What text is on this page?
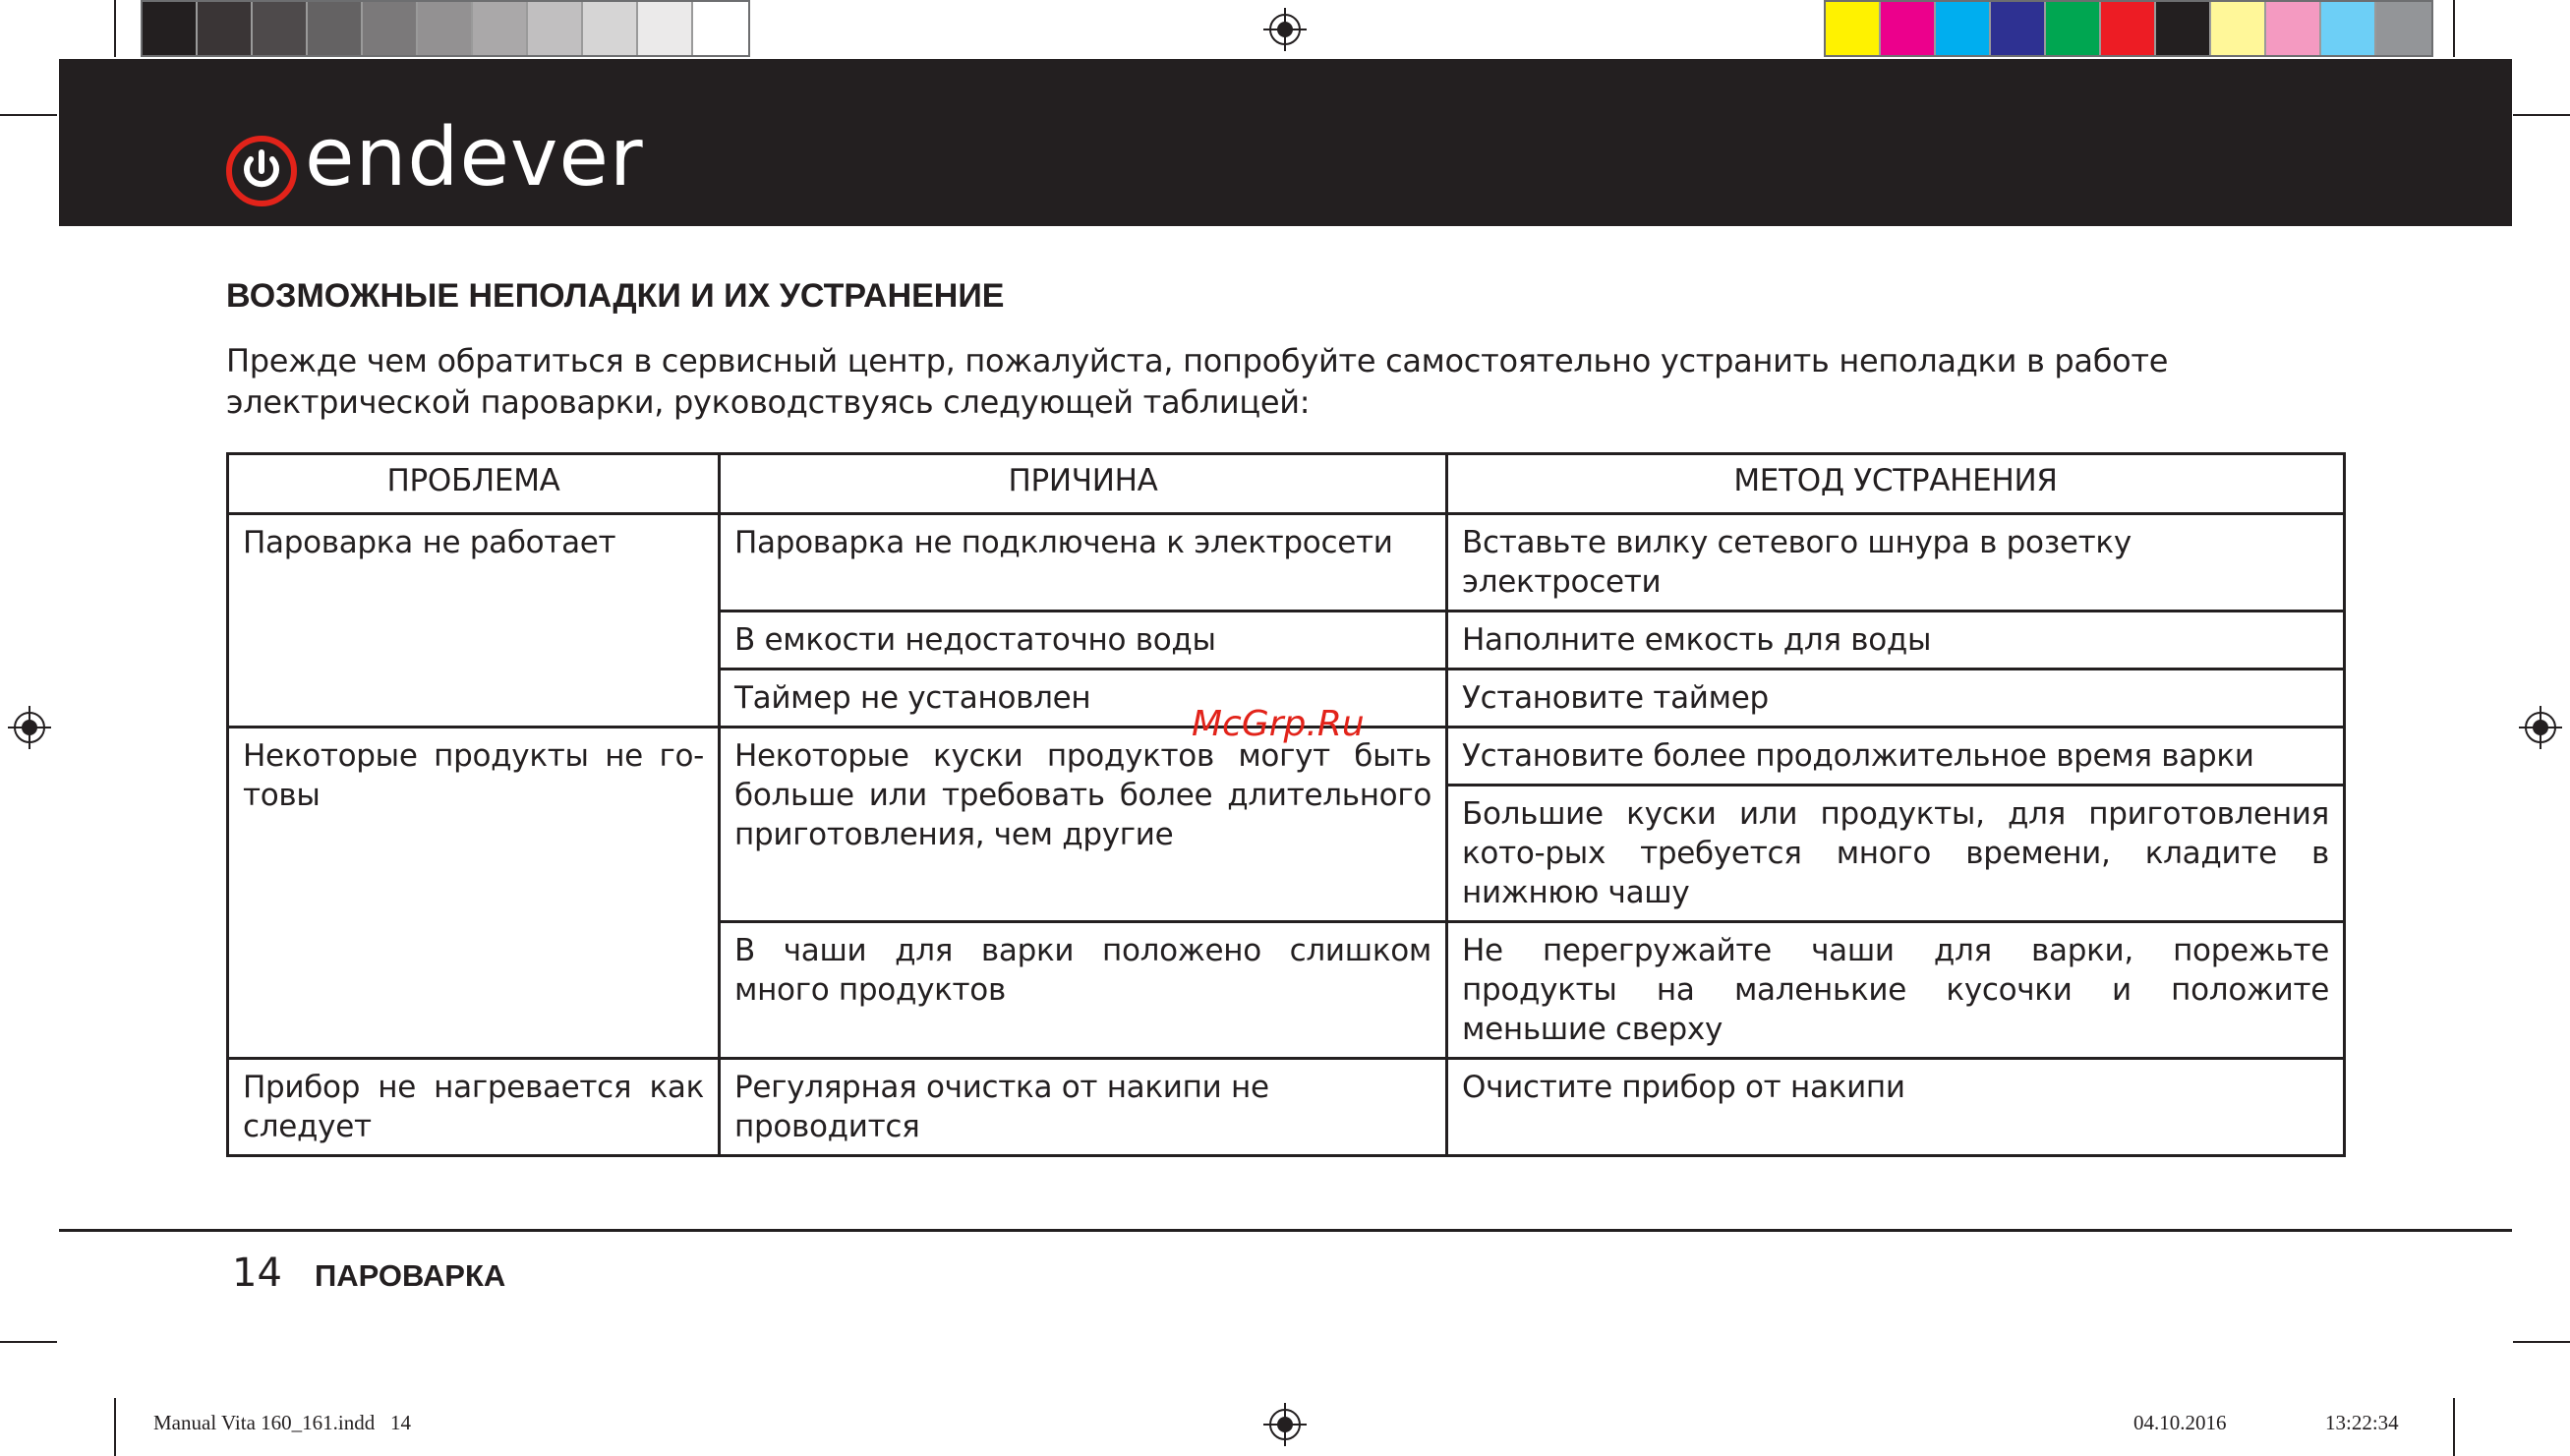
endever
ВОЗМОЖНЫЕ НЕПОЛАДКИ И ИХ УСТРАНЕНИЕ
Прежде чем обратиться в сервисный центр, пожалуйста, попробуйте самостоятельно устранить неполадки в работе электрической пароварки, руководствуясь следующей таблицей:
ПРОБЛЕМА	ПРИЧИНА	МЕТОД УСТРАНЕНИЯ
Пароварка не работает	Пароварка не подключена к электросети	Вставьте вилку сетевого шнура в розетку электросети
	В емкости недостаточно воды	Наполните емкость для воды
	Таймер не установлен	Установите таймер
Некоторые продукты не го-товы	Некоторые куски продуктов могут быть больше или требовать более длительного приготовления, чем другие	Установите более продолжительное время варки
		Большие куски или продукты, для приготовления кото-рых требуется много времени, кладите в нижнюю чашу
	В чаши для варки положено слишком много продуктов	Не перегружайте чаши для варки, порежьте продукты на маленькие кусочки и положите меньшие сверху
Прибор не нагревается как следует	Регулярная очистка от накипи не проводится	Очистите прибор от накипи
McGrp.Ru
14 ПАРОВАРКА
Manual Vita 160_161.indd   14	04.10.2016	13:22:34
